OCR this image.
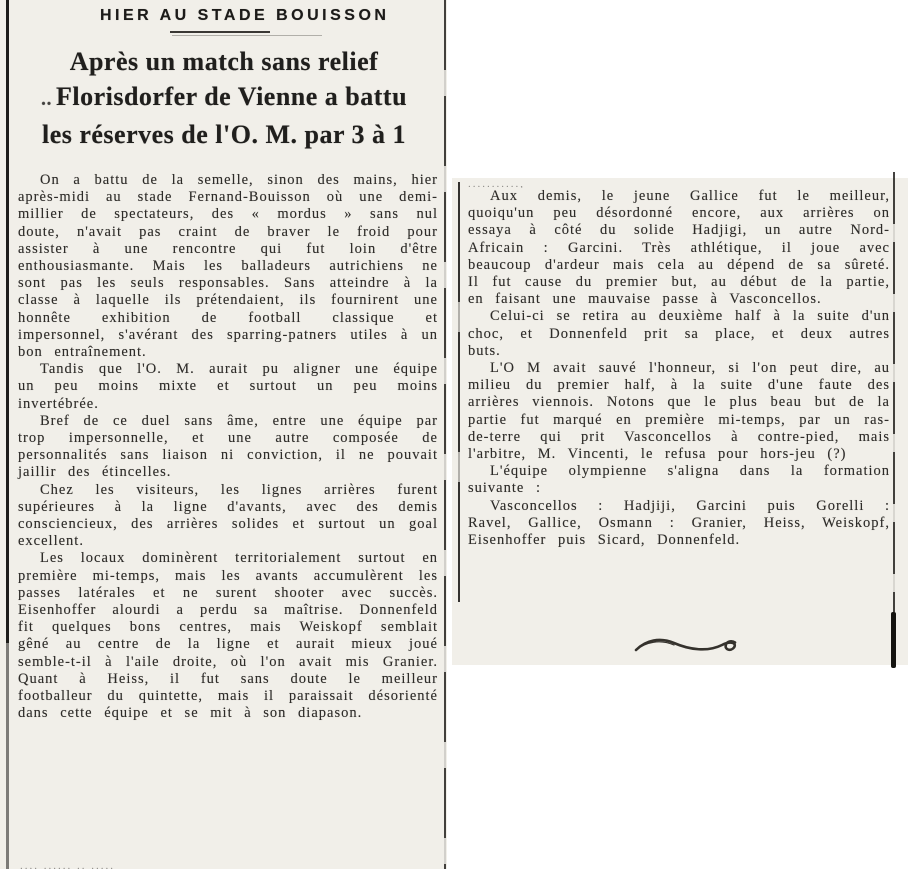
HIER AU STADE BOUISSON
Après un match sans relief
.. Florisdorfer de Vienne a battu
les réserves de l'O. M. par 3 à 1

On a battu de la semelle, sinon des mains, hier après-midi au stade Fernand-Bouisson où une demi-millier de spectateurs, des « mordus » sans nul doute, n'avait pas craint de braver le froid pour assister à une rencontre qui fut loin d'être enthousiasmante. Mais les balladeurs autrichiens ne sont pas les seuls responsables. Sans atteindre à la classe à laquelle ils prétendaient, ils fournirent une honnête exhibition de football classique et impersonnel, s'avérant des sparring-patners utiles à un bon entraînement.

Tandis que l'O. M. aurait pu aligner une équipe un peu moins mixte et surtout un peu moins invertébrée.

Bref de ce duel sans âme, entre une équipe par trop impersonnelle, et une autre composée de personnalités sans liaison ni conviction, il ne pouvait jaillir des étincelles.

Chez les visiteurs, les lignes arrières furent supérieures à la ligne d'avants, avec des demis consciencieux, des arrières solides et surtout un goal excellent.

Les locaux dominèrent territorialement surtout en première mi-temps, mais les avants accumulèrent les passes latérales et ne surent shooter avec succès. Eisenhoffer alourdi a perdu sa maîtrise. Donnenfeld fit quelques bons centres, mais Weiskopf semblait gêné au centre de la ligne et aurait mieux joué semble-t-il à l'aile droite, où l'on avait mis Granier. Quant à Heiss, il fut sans doute le meilleur footballeur du quintette, mais il paraissait désorienté dans cette équipe et se mit à son diapason.

.... ...... .. .....
...........,

Aux demis, le jeune Gallice fut le meilleur, quoiqu'un peu désordonné encore, aux arrières on essaya à côté du solide Hadjigi, un autre Nord-Africain : Garcini. Très athlétique, il joue avec beaucoup d'ardeur mais cela au dépend de sa sûreté. Il fut cause du premier but, au début de la partie, en faisant une mauvaise passe à Vasconcellos.

Celui-ci se retira au deuxième half à la suite d'un choc, et Donnenfeld prit sa place, et deux autres buts.

L'O M avait sauvé l'honneur, si l'on peut dire, au milieu du premier half, à la suite d'une faute des arrières viennois. Notons que le plus beau but de la partie fut marqué en première mi-temps, par un ras-de-terre qui prit Vasconcellos à contre-pied, mais l'arbitre, M. Vincenti, le refusa pour hors-jeu (?)

L'équipe olympienne s'aligna dans la formation suivante :

Vasconcellos : Hadjiji, Garcini puis Gorelli : Ravel, Gallice, Osmann : Granier, Heiss, Weiskopf, Eisenhoffer puis Sicard, Donnenfeld.
